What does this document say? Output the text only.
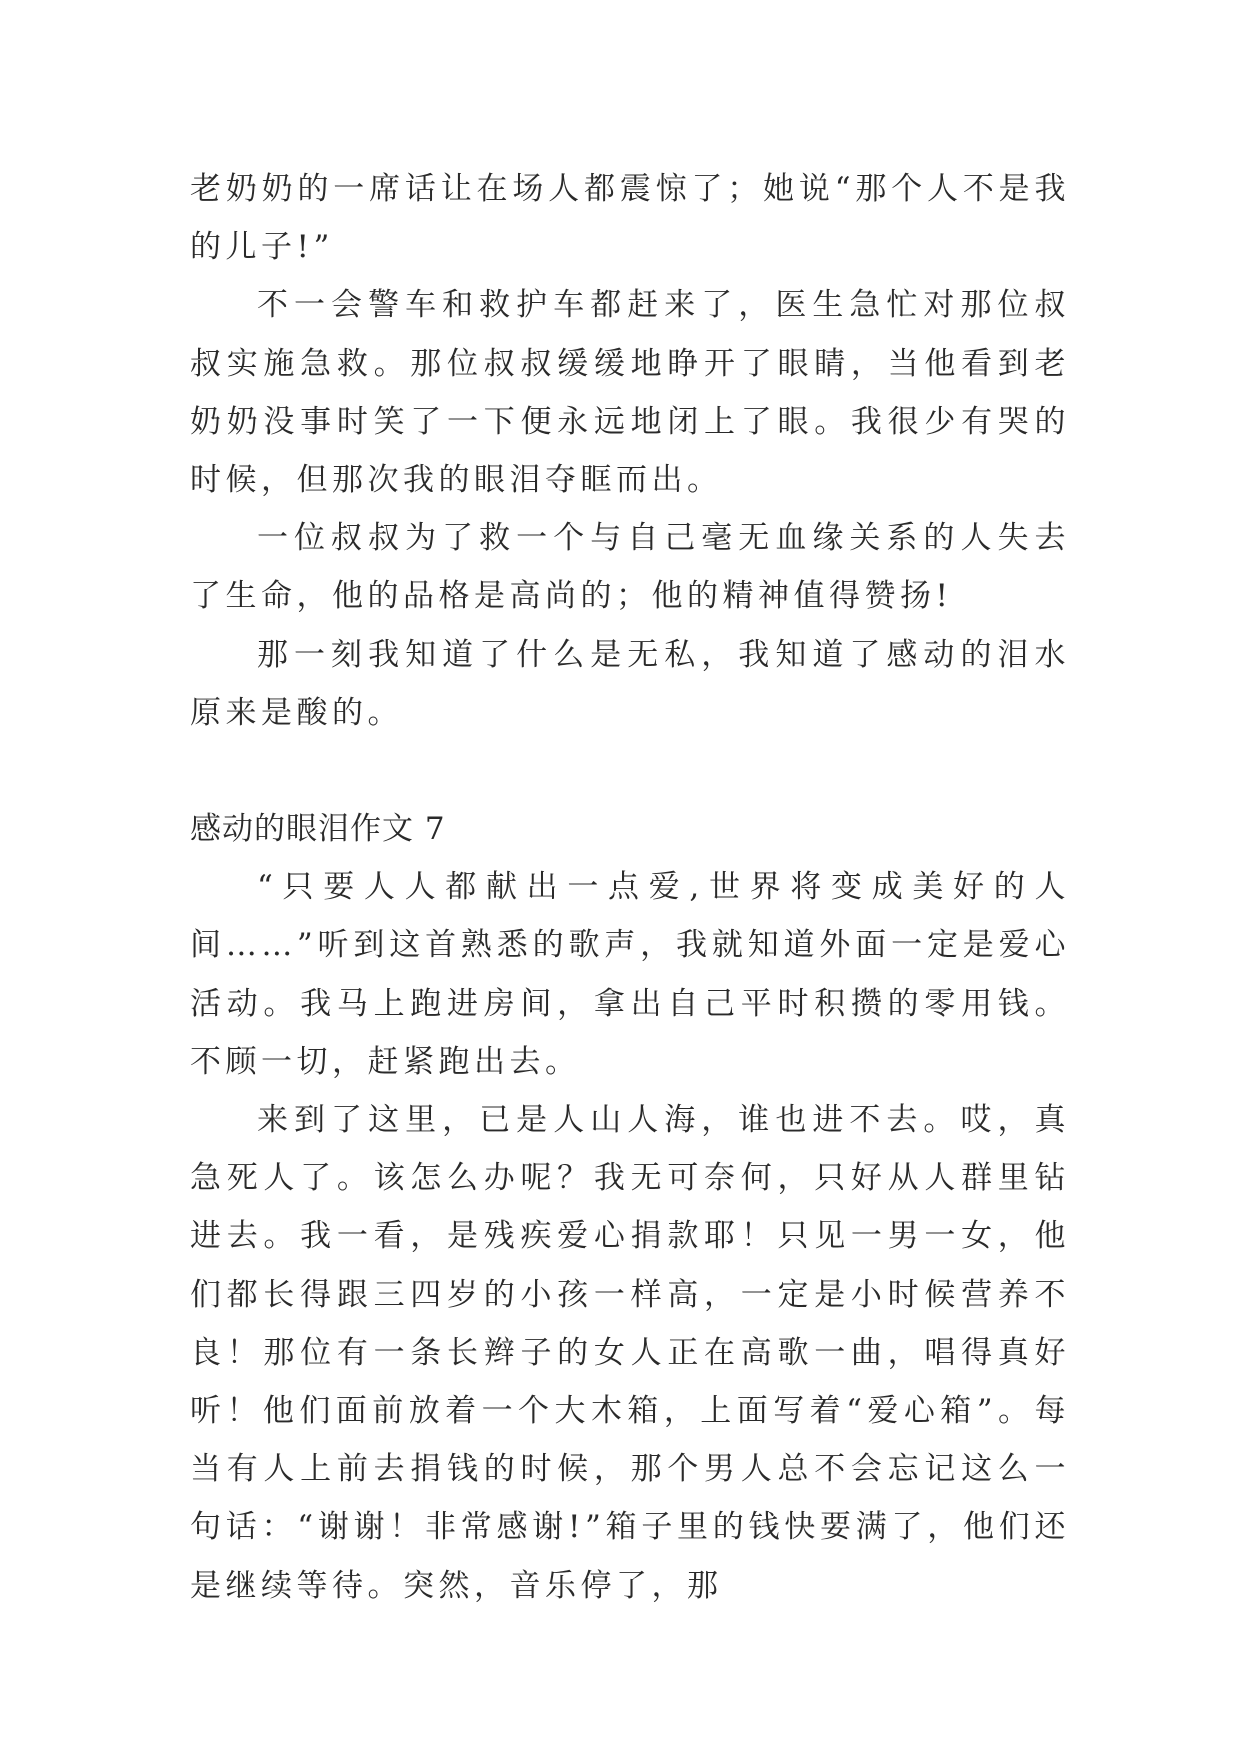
老奶奶的一席话让在场人都震惊了；她说“那个人不是我的儿子!”

不一会警车和救护车都赶来了，医生急忙对那位叔叔实施急救。那位叔叔缓缓地睁开了眼睛，当他看到老奶奶没事时笑了一下便永远地闭上了眼。我很少有哭的时候，但那次我的眼泪夺眶而出。

一位叔叔为了救一个与自己毫无血缘关系的人失去了生命，他的品格是高尚的；他的精神值得赞扬!

那一刻我知道了什么是无私，我知道了感动的泪水原来是酸的。

感动的眼泪作文 7

“只要人人都献出一点爱,世界将变成美好的人间……”听到这首熟悉的歌声，我就知道外面一定是爱心活动。我马上跑进房间，拿出自己平时积攒的零用钱。不顾一切，赶紧跑出去。

来到了这里，已是人山人海，谁也进不去。哎，真急死人了。该怎么办呢？我无可奈何，只好从人群里钻进去。我一看，是残疾爱心捐款耶！只见一男一女，他们都长得跟三四岁的小孩一样高，一定是小时候营养不良！那位有一条长辫子的女人正在高歌一曲，唱得真好听！他们面前放着一个大木箱，上面写着“爱心箱”。每当有人上前去捐钱的时候，那个男人总不会忘记这么一句话：“谢谢！非常感谢!”箱子里的钱快要满了，他们还是继续等待。突然，音乐停了，那
